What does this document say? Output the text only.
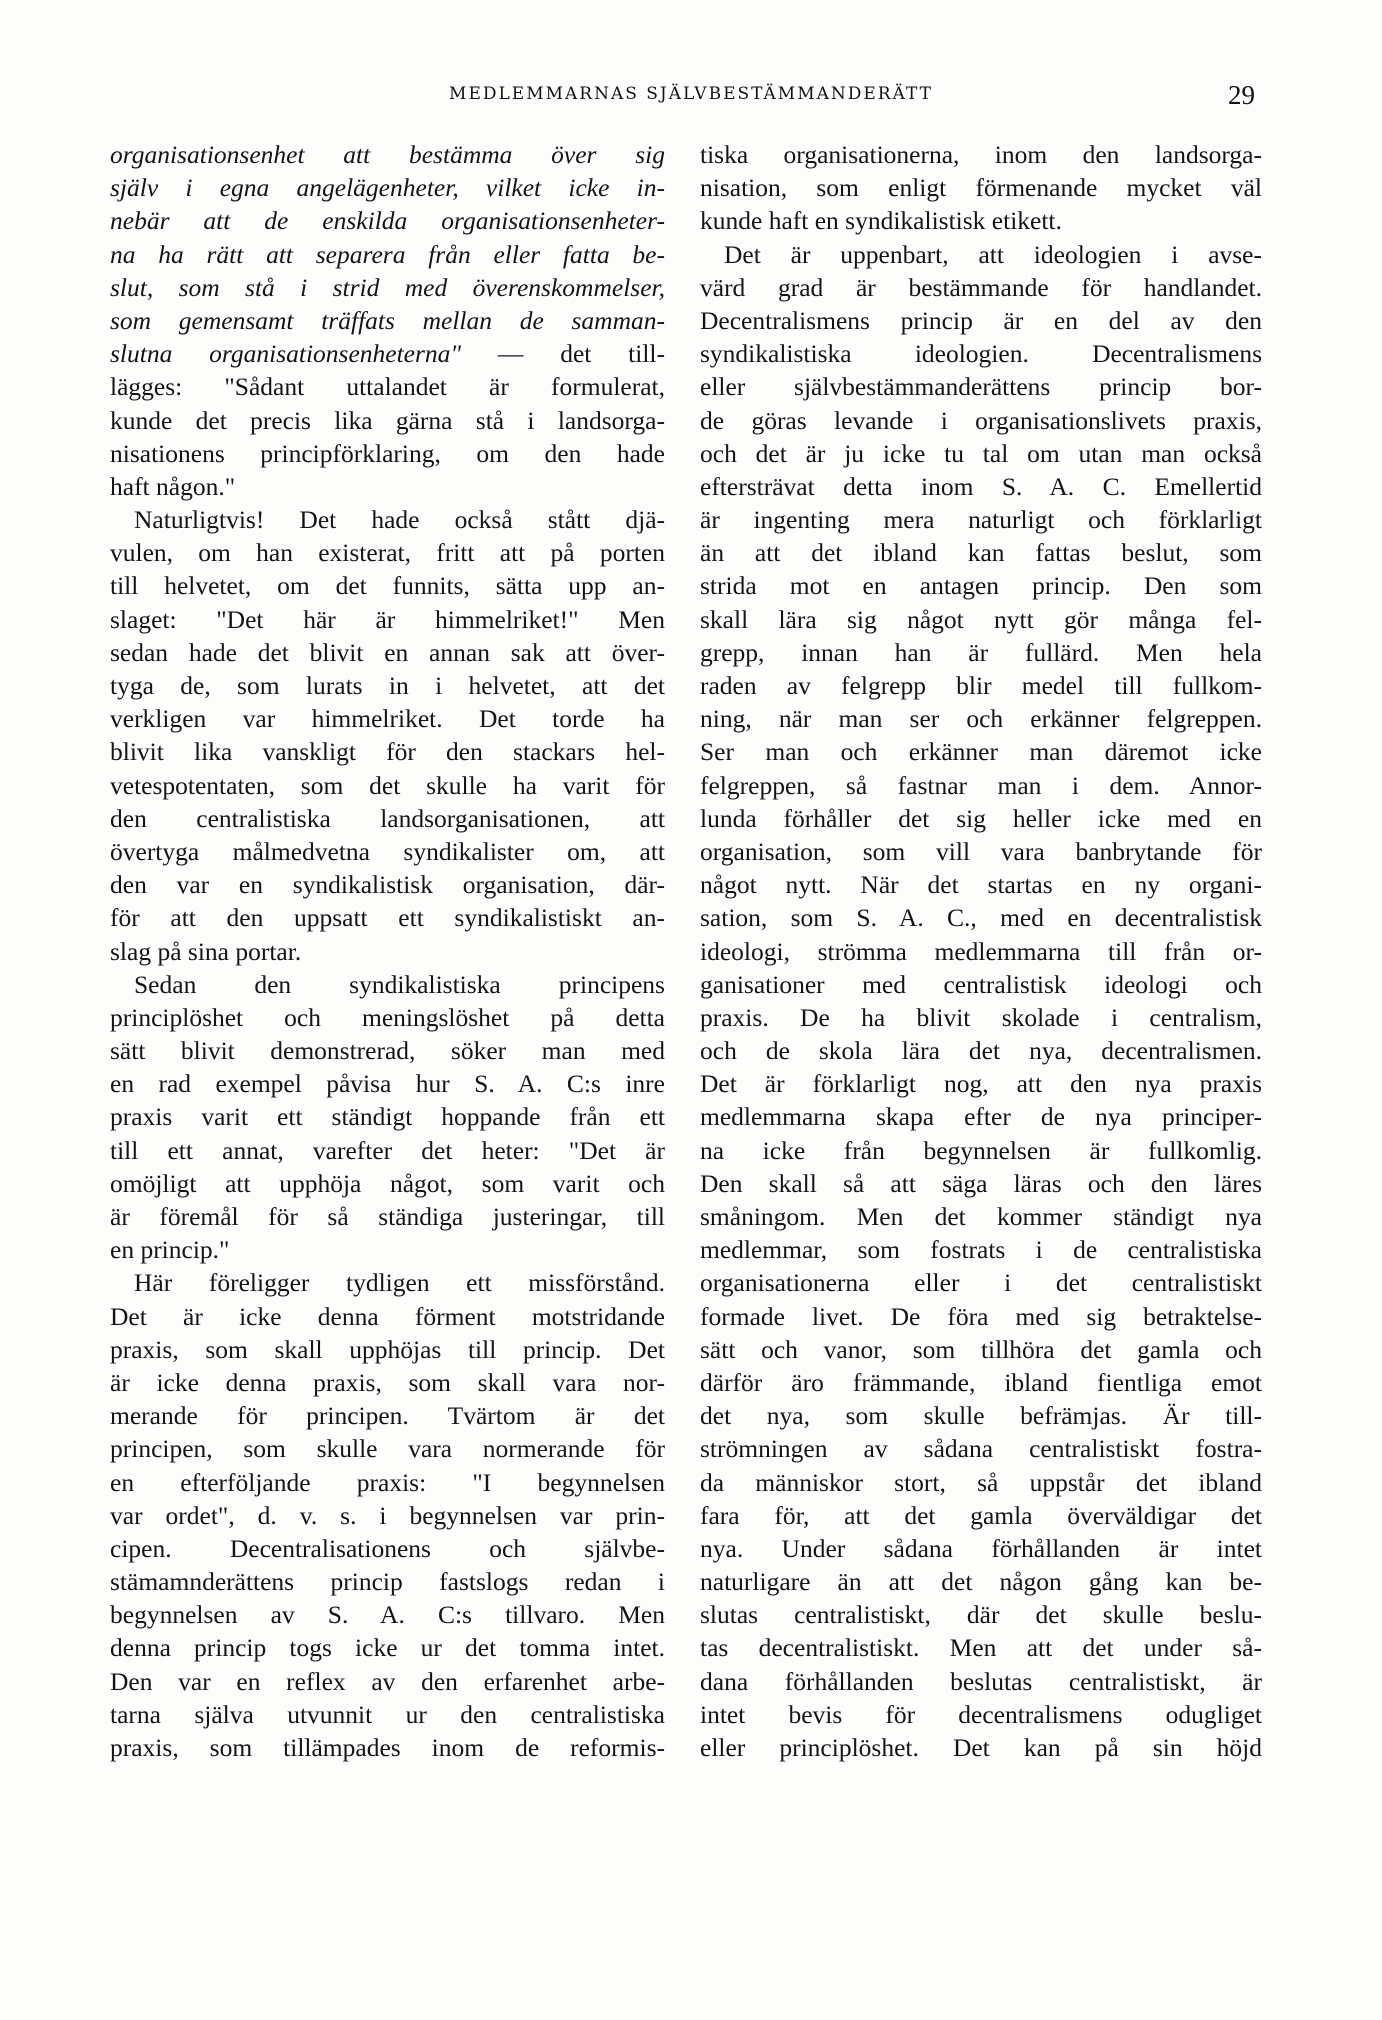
MEDLEMMARNAS SJÄLVBESTÄMMANDERÄTT	29
organisationsenhet att bestämma över sig
själv i egna angelägenheter, vilket icke in-
nebär att de enskilda organisationsenheter-
na ha rätt att separera från eller fatta be-
slut, som stå i strid med överenskommelser,
som gemensamt träffats mellan de samman-
slutna organisationsenheterna" — det till-
lägges: "Sådant uttalandet är formulerat,
kunde det precis lika gärna stå i landsorga-
nisationens principförklaring, om den hade
haft någon."
Naturligtvis! Det hade också stått djä-
vulen, om han existerat, fritt att på porten
till helvetet, om det funnits, sätta upp an-
slaget: "Det här är himmelriket!" Men
sedan hade det blivit en annan sak att över-
tyga de, som lurats in i helvetet, att det
verkligen var himmelriket. Det torde ha
blivit lika vanskligt för den stackars hel-
vetespotentaten, som det skulle ha varit för
den centralistiska landsorganisationen, att
övertyga målmedvetna syndikalister om, att
den var en syndikalistisk organisation, där-
för att den uppsatt ett syndikalistiskt an-
slag på sina portar.
Sedan den syndikalistiska principens
principlöshet och meningslöshet på detta
sätt blivit demonstrerad, söker man med
en rad exempel påvisa hur S. A. C:s inre
praxis varit ett ständigt hoppande från ett
till ett annat, varefter det heter: "Det är
omöjligt att upphöja något, som varit och
är föremål för så ständiga justeringar, till
en princip."
Här föreligger tydligen ett missförstånd.
Det är icke denna förment motstridande
praxis, som skall upphöjas till princip. Det
är icke denna praxis, som skall vara nor-
merande för principen. Tvärtom är det
principen, som skulle vara normerande för
en efterföljande praxis: "I begynnelsen
var ordet", d. v. s. i begynnelsen var prin-
cipen. Decentralisationens och självbe-
stämamnderättens princip fastslogs redan i
begynnelsen av S. A. C:s tillvaro. Men
denna princip togs icke ur det tomma intet.
Den var en reflex av den erfarenhet arbe-
tarna själva utvunnit ur den centralistiska
praxis, som tillämpades inom de reformis-
tiska organisationerna, inom den landsorga-
nisation, som enligt förmenande mycket väl
kunde haft en syndikalistisk etikett.
Det är uppenbart, att ideologien i avse-
värd grad är bestämmande för handlandet.
Decentralismens princip är en del av den
syndikalistiska ideologien. Decentralismens
eller självbestämmanderättens princip bor-
de göras levande i organisationslivets praxis,
och det är ju icke tu tal om utan man också
eftersträvat detta inom S. A. C. Emellertid
är ingenting mera naturligt och förklarligt
än att det ibland kan fattas beslut, som
strida mot en antagen princip. Den som
skall lära sig något nytt gör många fel-
grepp, innan han är fullärd. Men hela
raden av felgrepp blir medel till fullkom-
ning, när man ser och erkänner felgreppen.
Ser man och erkänner man däremot icke
felgreppen, så fastnar man i dem. Annor-
lunda förhåller det sig heller icke med en
organisation, som vill vara banbrytande för
något nytt. När det startas en ny organi-
sation, som S. A. C., med en decentralistisk
ideologi, strömma medlemmarna till från or-
ganisationer med centralistisk ideologi och
praxis. De ha blivit skolade i centralism,
och de skola lära det nya, decentralismen.
Det är förklarligt nog, att den nya praxis
medlemmarna skapa efter de nya principer-
na icke från begynnelsen är fullkomlig.
Den skall så att säga läras och den läres
småningom. Men det kommer ständigt nya
medlemmar, som fostrats i de centralistiska
organisationerna eller i det centralistiskt
formade livet. De föra med sig betraktelse-
sätt och vanor, som tillhöra det gamla och
därför äro främmande, ibland fientliga emot
det nya, som skulle befrämjas. Är till-
strömningen av sådana centralistiskt fostra-
da människor stort, så uppstår det ibland
fara för, att det gamla överväldigar det
nya. Under sådana förhållanden är intet
naturligare än att det någon gång kan be-
slutas centralistiskt, där det skulle beslu-
tas decentralistiskt. Men att det under så-
dana förhållanden beslutas centralistiskt, är
intet bevis för decentralismens odugliget
eller principlöshet. Det kan på sin höjd
